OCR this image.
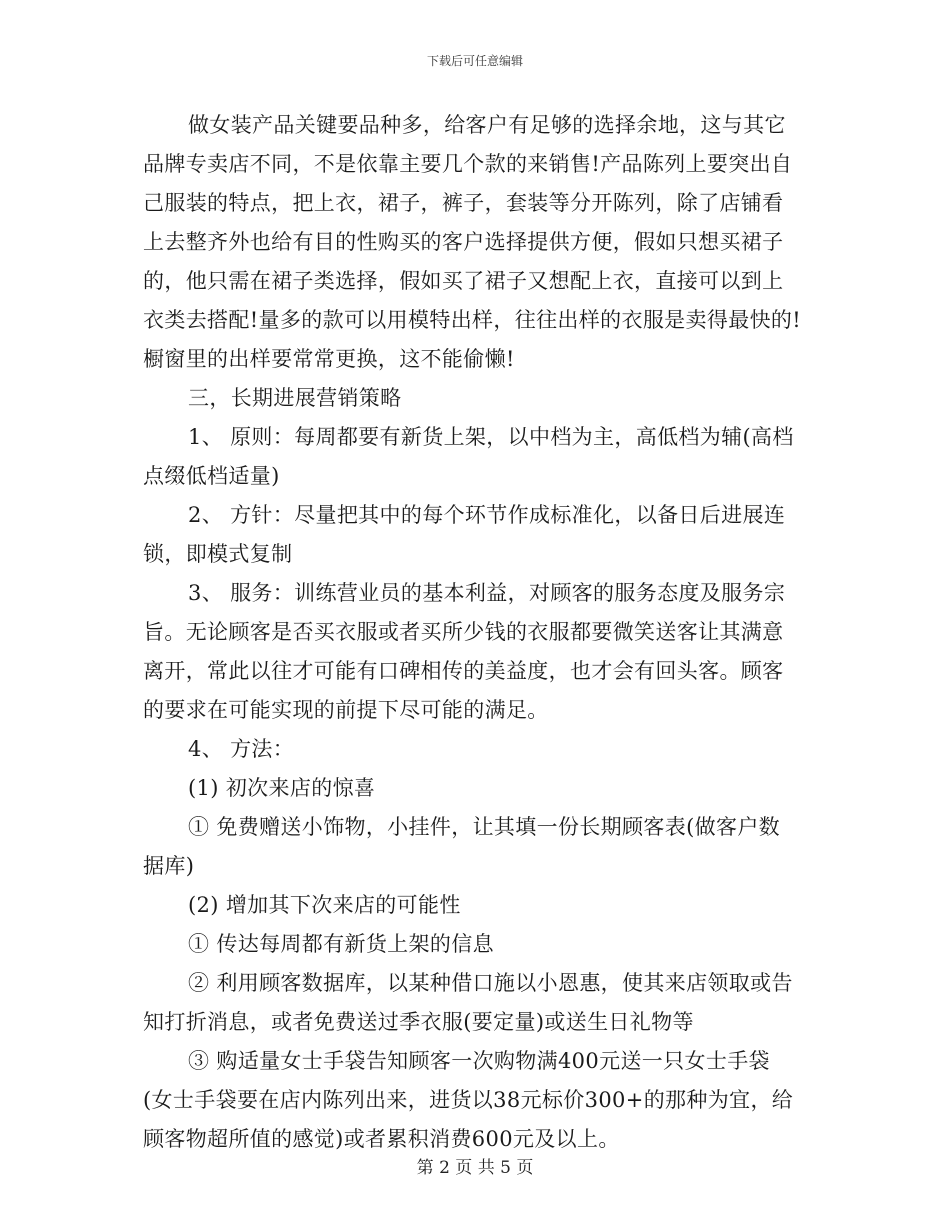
下载后可任意编辑
做女装产品关键要品种多，给客户有足够的选择余地，这与其它
品牌专卖店不同，不是依靠主要几个款的来销售!产品陈列上要突出自
己服装的特点，把上衣，裙子，裤子，套装等分开陈列，除了店铺看
上去整齐外也给有目的性购买的客户选择提供方便，假如只想买裙子
的，他只需在裙子类选择，假如买了裙子又想配上衣，直接可以到上
衣类去搭配!量多的款可以用模特出样，往往出样的衣服是卖得最快的!
橱窗里的出样要常常更换，这不能偷懒!
三，长期进展营销策略
1、 原则：每周都要有新货上架，以中档为主，高低档为辅(高档
点缀低档适量)
2、 方针：尽量把其中的每个环节作成标准化，以备日后进展连
锁，即模式复制
3、 服务：训练营业员的基本利益，对顾客的服务态度及服务宗
旨。无论顾客是否买衣服或者买所少钱的衣服都要微笑送客让其满意
离开，常此以往才可能有口碑相传的美益度，也才会有回头客。顾客
的要求在可能实现的前提下尽可能的满足。
4、 方法：
(1) 初次来店的惊喜
① 免费赠送小饰物，小挂件，让其填一份长期顾客表(做客户数
据库)
(2) 增加其下次来店的可能性
① 传达每周都有新货上架的信息
② 利用顾客数据库，以某种借口施以小恩惠，使其来店领取或告
知打折消息，或者免费送过季衣服(要定量)或送生日礼物等
③ 购适量女士手袋告知顾客一次购物满400元送一只女士手袋
(女士手袋要在店内陈列出来，进货以38元标价300+的那种为宜，给
顾客物超所值的感觉)或者累积消费600元及以上。
第 2 页 共 5 页
